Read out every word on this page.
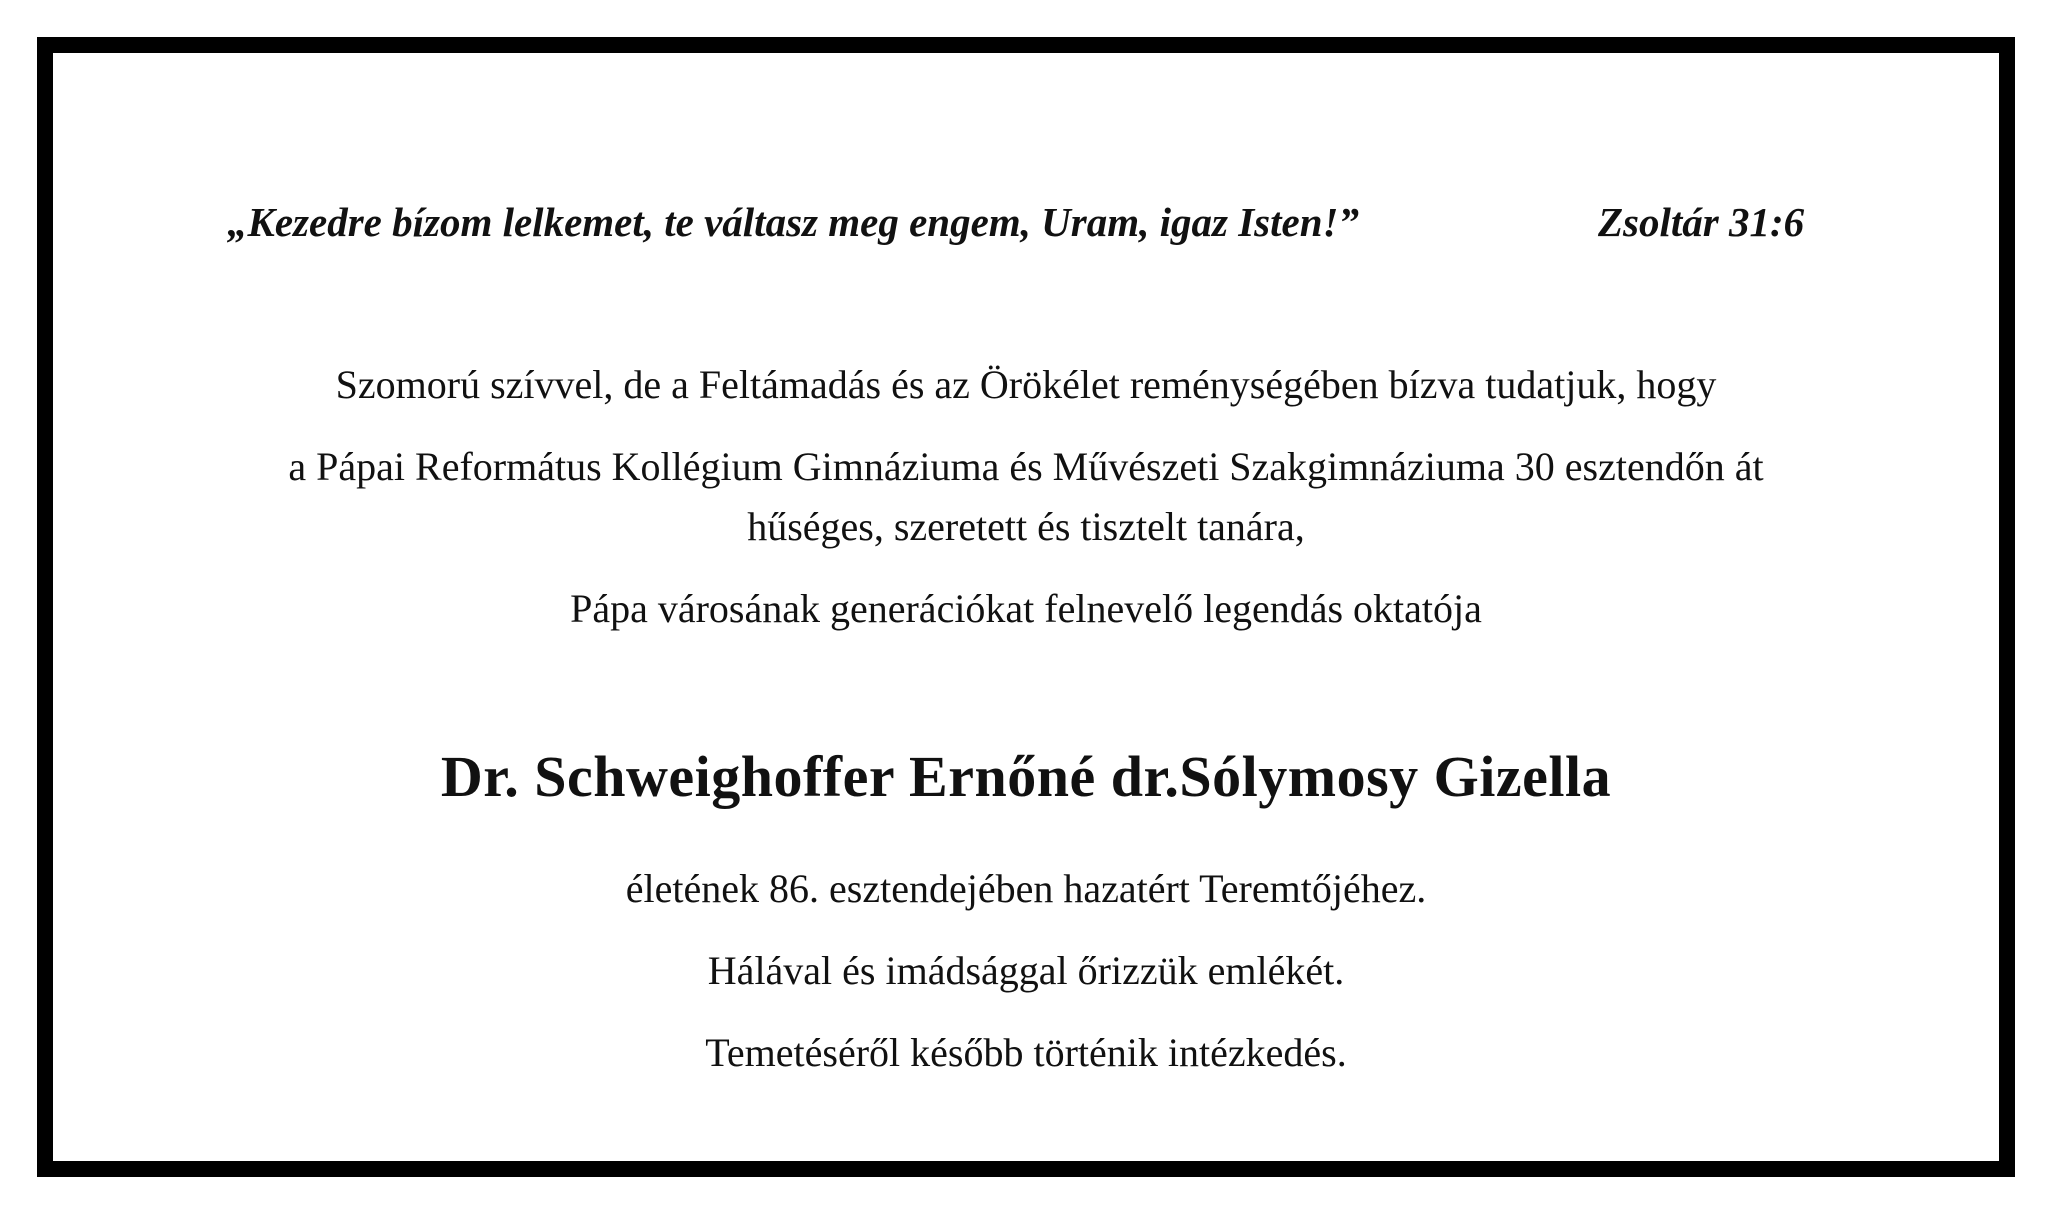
„Kezedre bízom lelkemet, te váltasz meg engem, Uram, igaz Isten!”	Zsoltár 31:6
Szomorú szívvel, de a Feltámadás és az Örökélet reménységében bízva tudatjuk, hogy
a Pápai Református Kollégium Gimnáziuma és Művészeti Szakgimnáziuma 30 esztendőn át
hűséges, szeretett és tisztelt tanára,
Pápa városának generációkat felnevelő legendás oktatója
Dr. Schweighoffer Ernőné dr.Sólymosy Gizella
életének 86. esztendejében hazatért Teremtőjéhez.
Hálával és imádsággal őrizzük emlékét.
Temetéséről később történik intézkedés.
